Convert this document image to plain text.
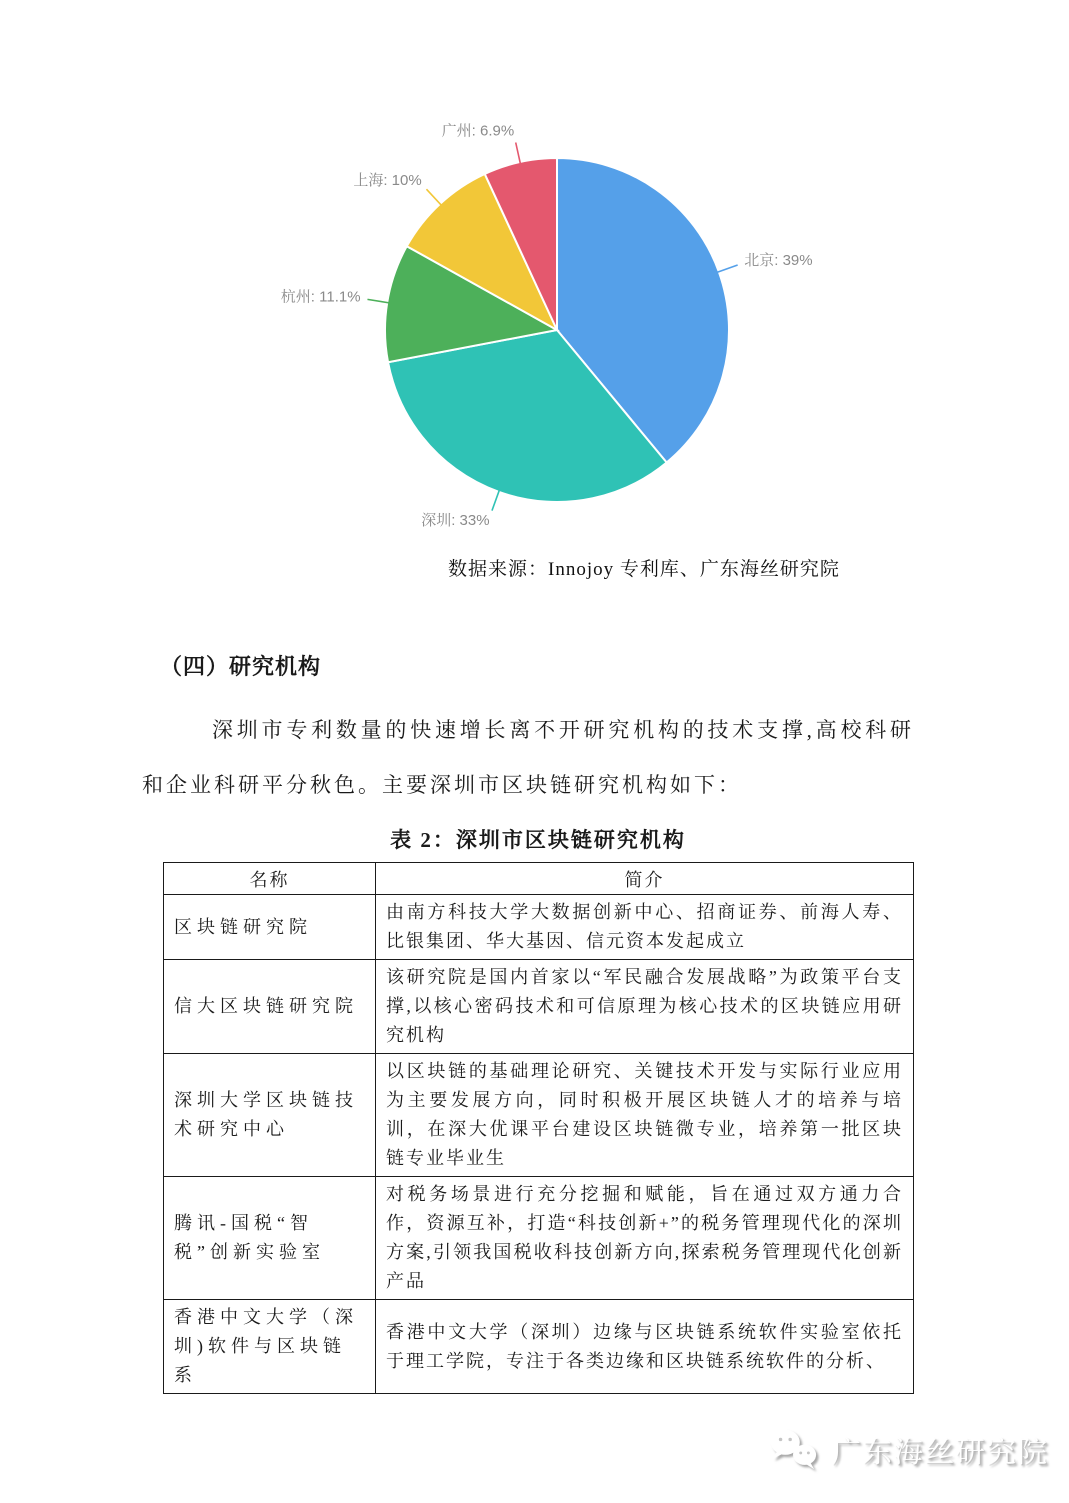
北京: 39%
深圳: 33%
杭州: 11.1%
上海: 10%
广州: 6.9%
数据来源：Innojoy 专利库、广东海丝研究院
（四）研究机构
深圳市专利数量的快速增长离不开研究机构的技术支撑,高校科研和企业科研平分秋色。主要深圳市区块链研究机构如下：
表 2：深圳市区块链研究机构
名称	简介
区块链研究院	由南方科技大学大数据创新中心、招商证券、前海人寿、比银集团、华大基因、信元资本发起成立
信大区块链研究院	该研究院是国内首家以“军民融合发展战略”为政策平台支撑,以核心密码技术和可信原理为核心技术的区块链应用研究机构
深圳大学区块链技术研究中心	以区块链的基础理论研究、关键技术开发与实际行业应用为主要发展方向，同时积极开展区块链人才的培养与培训，在深大优课平台建设区块链微专业，培养第一批区块链专业毕业生
腾讯-国税“智税”创新实验室	对税务场景进行充分挖掘和赋能，旨在通过双方通力合作，资源互补，打造“科技创新+”的税务管理现代化的深圳方案,引领我国税收科技创新方向,探索税务管理现代化创新产品
香港中文大学（深圳)软件与区块链系	香港中文大学（深圳）边缘与区块链系统软件实验室依托于理工学院，专注于各类边缘和区块链系统软件的分析、
广东海丝研究院
